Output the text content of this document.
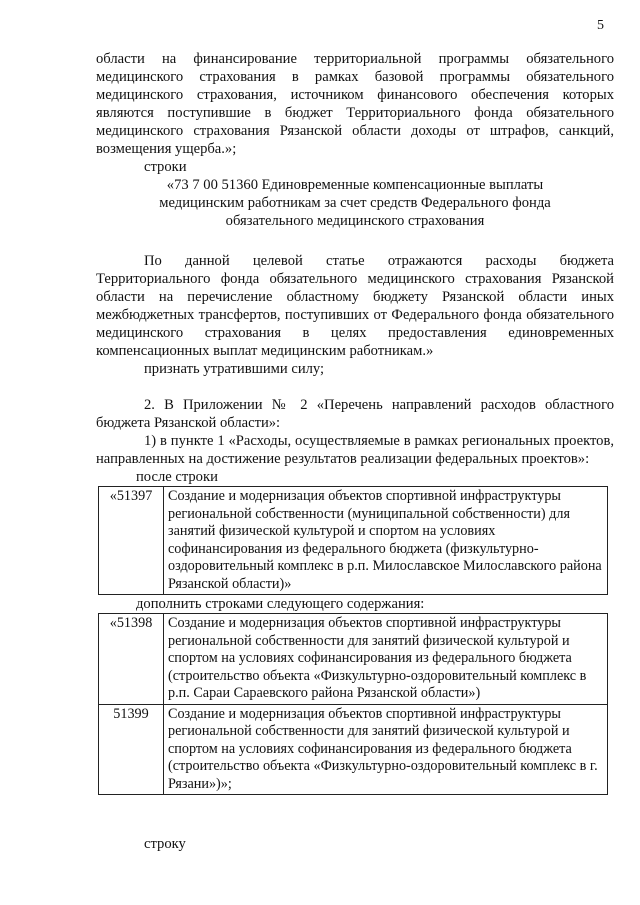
5

области на финансирование территориальной программы обязательного медицинского страхования в рамках базовой программы обязательного медицинского страхования, источником финансового обеспечения которых являются поступившие в бюджет Территориального фонда обязательного медицинского страхования Рязанской области доходы от штрафов, санкций, возмещения ущерба.»;

строки

«73 7 00 51360 Единовременные компенсационные выплаты

медицинским работникам за счет средств Федерального фонда

обязательного медицинского страхования

По данной целевой статье отражаются расходы бюджета Территориального фонда обязательного медицинского страхования Рязанской области на перечисление областному бюджету Рязанской области иных межбюджетных трансфертов, поступивших от Федерального фонда обязательного медицинского страхования в целях предоставления единовременных компенсационных выплат медицинским работникам.»

признать утратившими силу;

2. В Приложении № 2 «Перечень направлений расходов областного бюджета Рязанской области»:

1) в пункте 1 «Расходы, осуществляемые в рамках региональных проектов, направленных на достижение результатов реализации федеральных проектов»:

после строки

«51397	Создание и модернизация объектов спортивной инфраструктуры региональной собственности (муниципальной собственности) для занятий физической культурой и спортом на условиях софинансирования из федерального бюджета (физкультурно-оздоровительный комплекс в р.п. Милославское Милославского района Рязанской области)»

дополнить строками следующего содержания:

«51398	Создание и модернизация объектов спортивной инфраструктуры региональной собственности для занятий физической культурой и спортом на условиях софинансирования из федерального бюджета (строительство объекта «Физкультурно-оздоровительный комплекс в р.п. Сараи Сараевского района Рязанской области»)
51399	Создание и модернизация объектов спортивной инфраструктуры региональной собственности для занятий физической культурой и спортом на условиях софинансирования из федерального бюджета (строительство объекта «Физкультурно-оздоровительный комплекс в г. Рязани»)»;

строку
